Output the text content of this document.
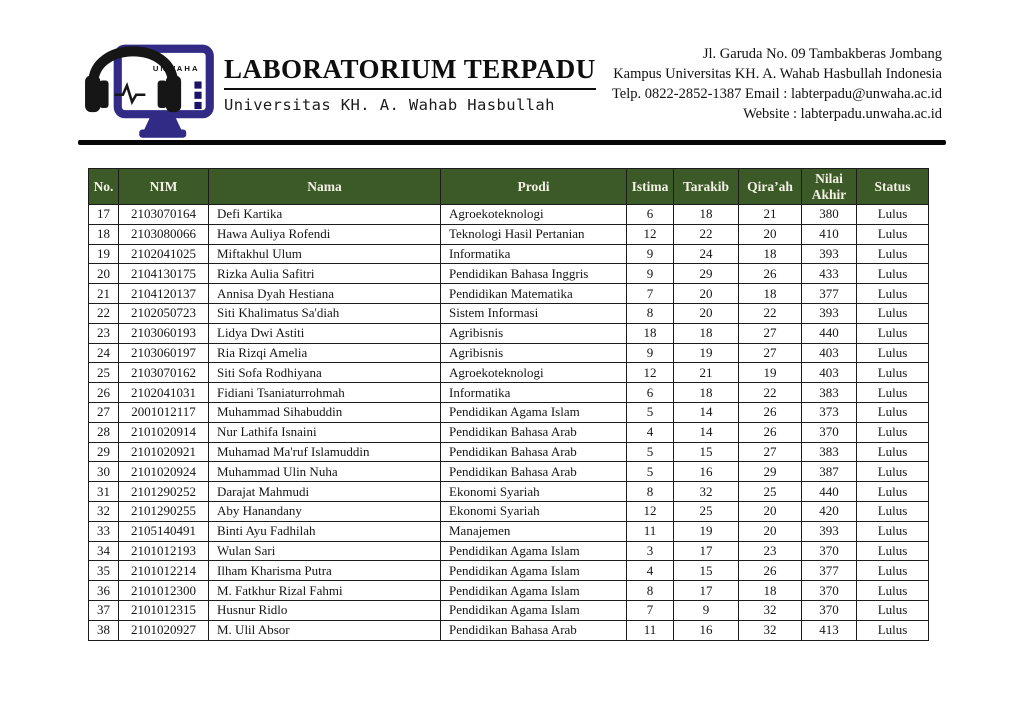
UNWAHA LABORATORIUM TERPADU
Universitas KH. A. Wahab Hasbullah
Jl. Garuda No. 09 Tambakberas Jombang
Kampus Universitas KH. A. Wahab Hasbullah Indonesia
Telp. 0822-2852-1387 Email : labterpadu@unwaha.ac.id
Website : labterpadu.unwaha.ac.id
No.	NIM	Nama	Prodi	Istima	Tarakib	Qira’ah	Nilai Akhir	Status
17	2103070164	Defi Kartika	Agroekoteknologi	6	18	21	380	Lulus
18	2103080066	Hawa Auliya Rofendi	Teknologi Hasil Pertanian	12	22	20	410	Lulus
19	2102041025	Miftakhul Ulum	Informatika	9	24	18	393	Lulus
20	2104130175	Rizka Aulia Safitri	Pendidikan Bahasa Inggris	9	29	26	433	Lulus
21	2104120137	Annisa Dyah Hestiana	Pendidikan Matematika	7	20	18	377	Lulus
22	2102050723	Siti Khalimatus Sa'diah	Sistem Informasi	8	20	22	393	Lulus
23	2103060193	Lidya Dwi Astiti	Agribisnis	18	18	27	440	Lulus
24	2103060197	Ria Rizqi Amelia	Agribisnis	9	19	27	403	Lulus
25	2103070162	Siti Sofa Rodhiyana	Agroekoteknologi	12	21	19	403	Lulus
26	2102041031	Fidiani Tsaniaturrohmah	Informatika	6	18	22	383	Lulus
27	2001012117	Muhammad Sihabuddin	Pendidikan Agama Islam	5	14	26	373	Lulus
28	2101020914	Nur Lathifa Isnaini	Pendidikan Bahasa Arab	4	14	26	370	Lulus
29	2101020921	Muhamad Ma'ruf Islamuddin	Pendidikan Bahasa Arab	5	15	27	383	Lulus
30	2101020924	Muhammad Ulin Nuha	Pendidikan Bahasa Arab	5	16	29	387	Lulus
31	2101290252	Darajat Mahmudi	Ekonomi Syariah	8	32	25	440	Lulus
32	2101290255	Aby Hanandany	Ekonomi Syariah	12	25	20	420	Lulus
33	2105140491	Binti Ayu Fadhilah	Manajemen	11	19	20	393	Lulus
34	2101012193	Wulan Sari	Pendidikan Agama Islam	3	17	23	370	Lulus
35	2101012214	Ilham Kharisma Putra	Pendidikan Agama Islam	4	15	26	377	Lulus
36	2101012300	M. Fatkhur Rizal Fahmi	Pendidikan Agama Islam	8	17	18	370	Lulus
37	2101012315	Husnur Ridlo	Pendidikan Agama Islam	7	9	32	370	Lulus
38	2101020927	M. Ulil Absor	Pendidikan Bahasa Arab	11	16	32	413	Lulus
